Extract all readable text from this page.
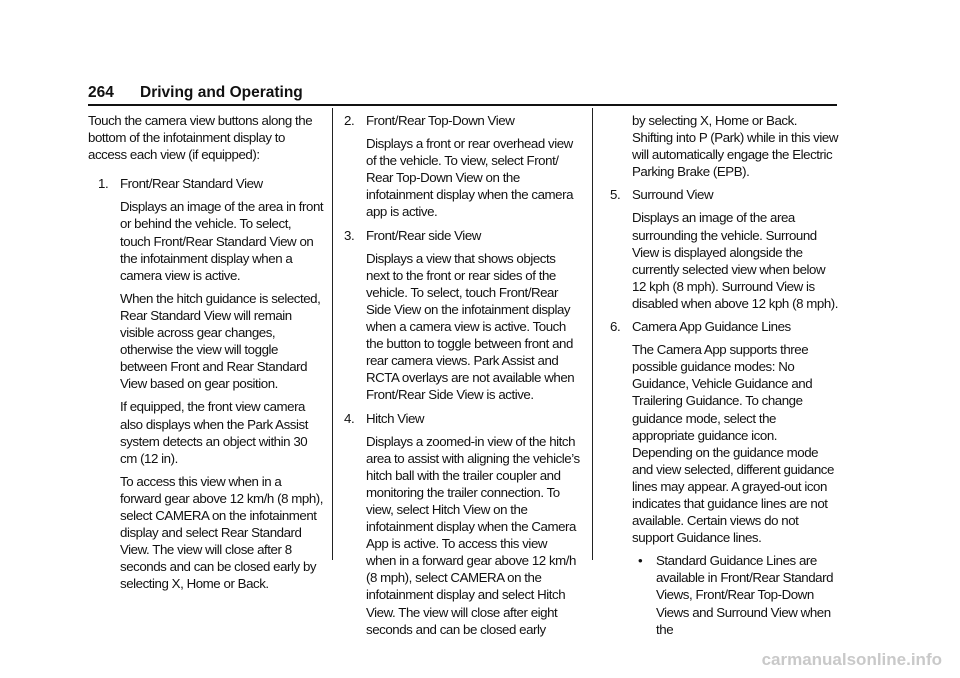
264 Driving and Operating

Touch the camera view buttons along the bottom of the infotainment display to access each view (if equipped):

1. Front/Rear Standard View

Displays an image of the area in front or behind the vehicle. To select, touch Front/Rear Standard View on the infotainment display when a camera view is active.

When the hitch guidance is selected, Rear Standard View will remain visible across gear changes, otherwise the view will toggle between Front and Rear Standard View based on gear position.

If equipped, the front view camera also displays when the Park Assist system detects an object within 30 cm (12 in).

To access this view when in a forward gear above 12 km/h (8 mph), select CAMERA on the infotainment display and select Rear Standard View. The view will close after 8 seconds and can be closed early by selecting X, Home or Back.

2. Front/Rear Top-Down View

Displays a front or rear overhead view of the vehicle. To view, select Front/ Rear Top-Down View on the infotainment display when the camera app is active.

3. Front/Rear side View

Displays a view that shows objects next to the front or rear sides of the vehicle. To select, touch Front/Rear Side View on the infotainment display when a camera view is active. Touch the button to toggle between front and rear camera views. Park Assist and RCTA overlays are not available when Front/Rear Side View is active.

4. Hitch View

Displays a zoomed-in view of the hitch area to assist with aligning the vehicle’s hitch ball with the trailer coupler and monitoring the trailer connection. To view, select Hitch View on the infotainment display when the Camera App is active. To access this view when in a forward gear above 12 km/h (8 mph), select CAMERA on the infotainment display and select Hitch View. The view will close after eight seconds and can be closed early

by selecting X, Home or Back. Shifting into P (Park) while in this view will automatically engage the Electric Parking Brake (EPB).

5. Surround View

Displays an image of the area surrounding the vehicle. Surround View is displayed alongside the currently selected view when below 12 kph (8 mph). Surround View is disabled when above 12 kph (8 mph).

6. Camera App Guidance Lines

The Camera App supports three possible guidance modes: No Guidance, Vehicle Guidance and Trailering Guidance. To change guidance mode, select the appropriate guidance icon. Depending on the guidance mode and view selected, different guidance lines may appear. A grayed-out icon indicates that guidance lines are not available. Certain views do not support Guidance lines.

•	Standard Guidance Lines are available in Front/Rear Standard Views, Front/Rear Top-Down Views and Surround View when the
carmanualsonline.info
